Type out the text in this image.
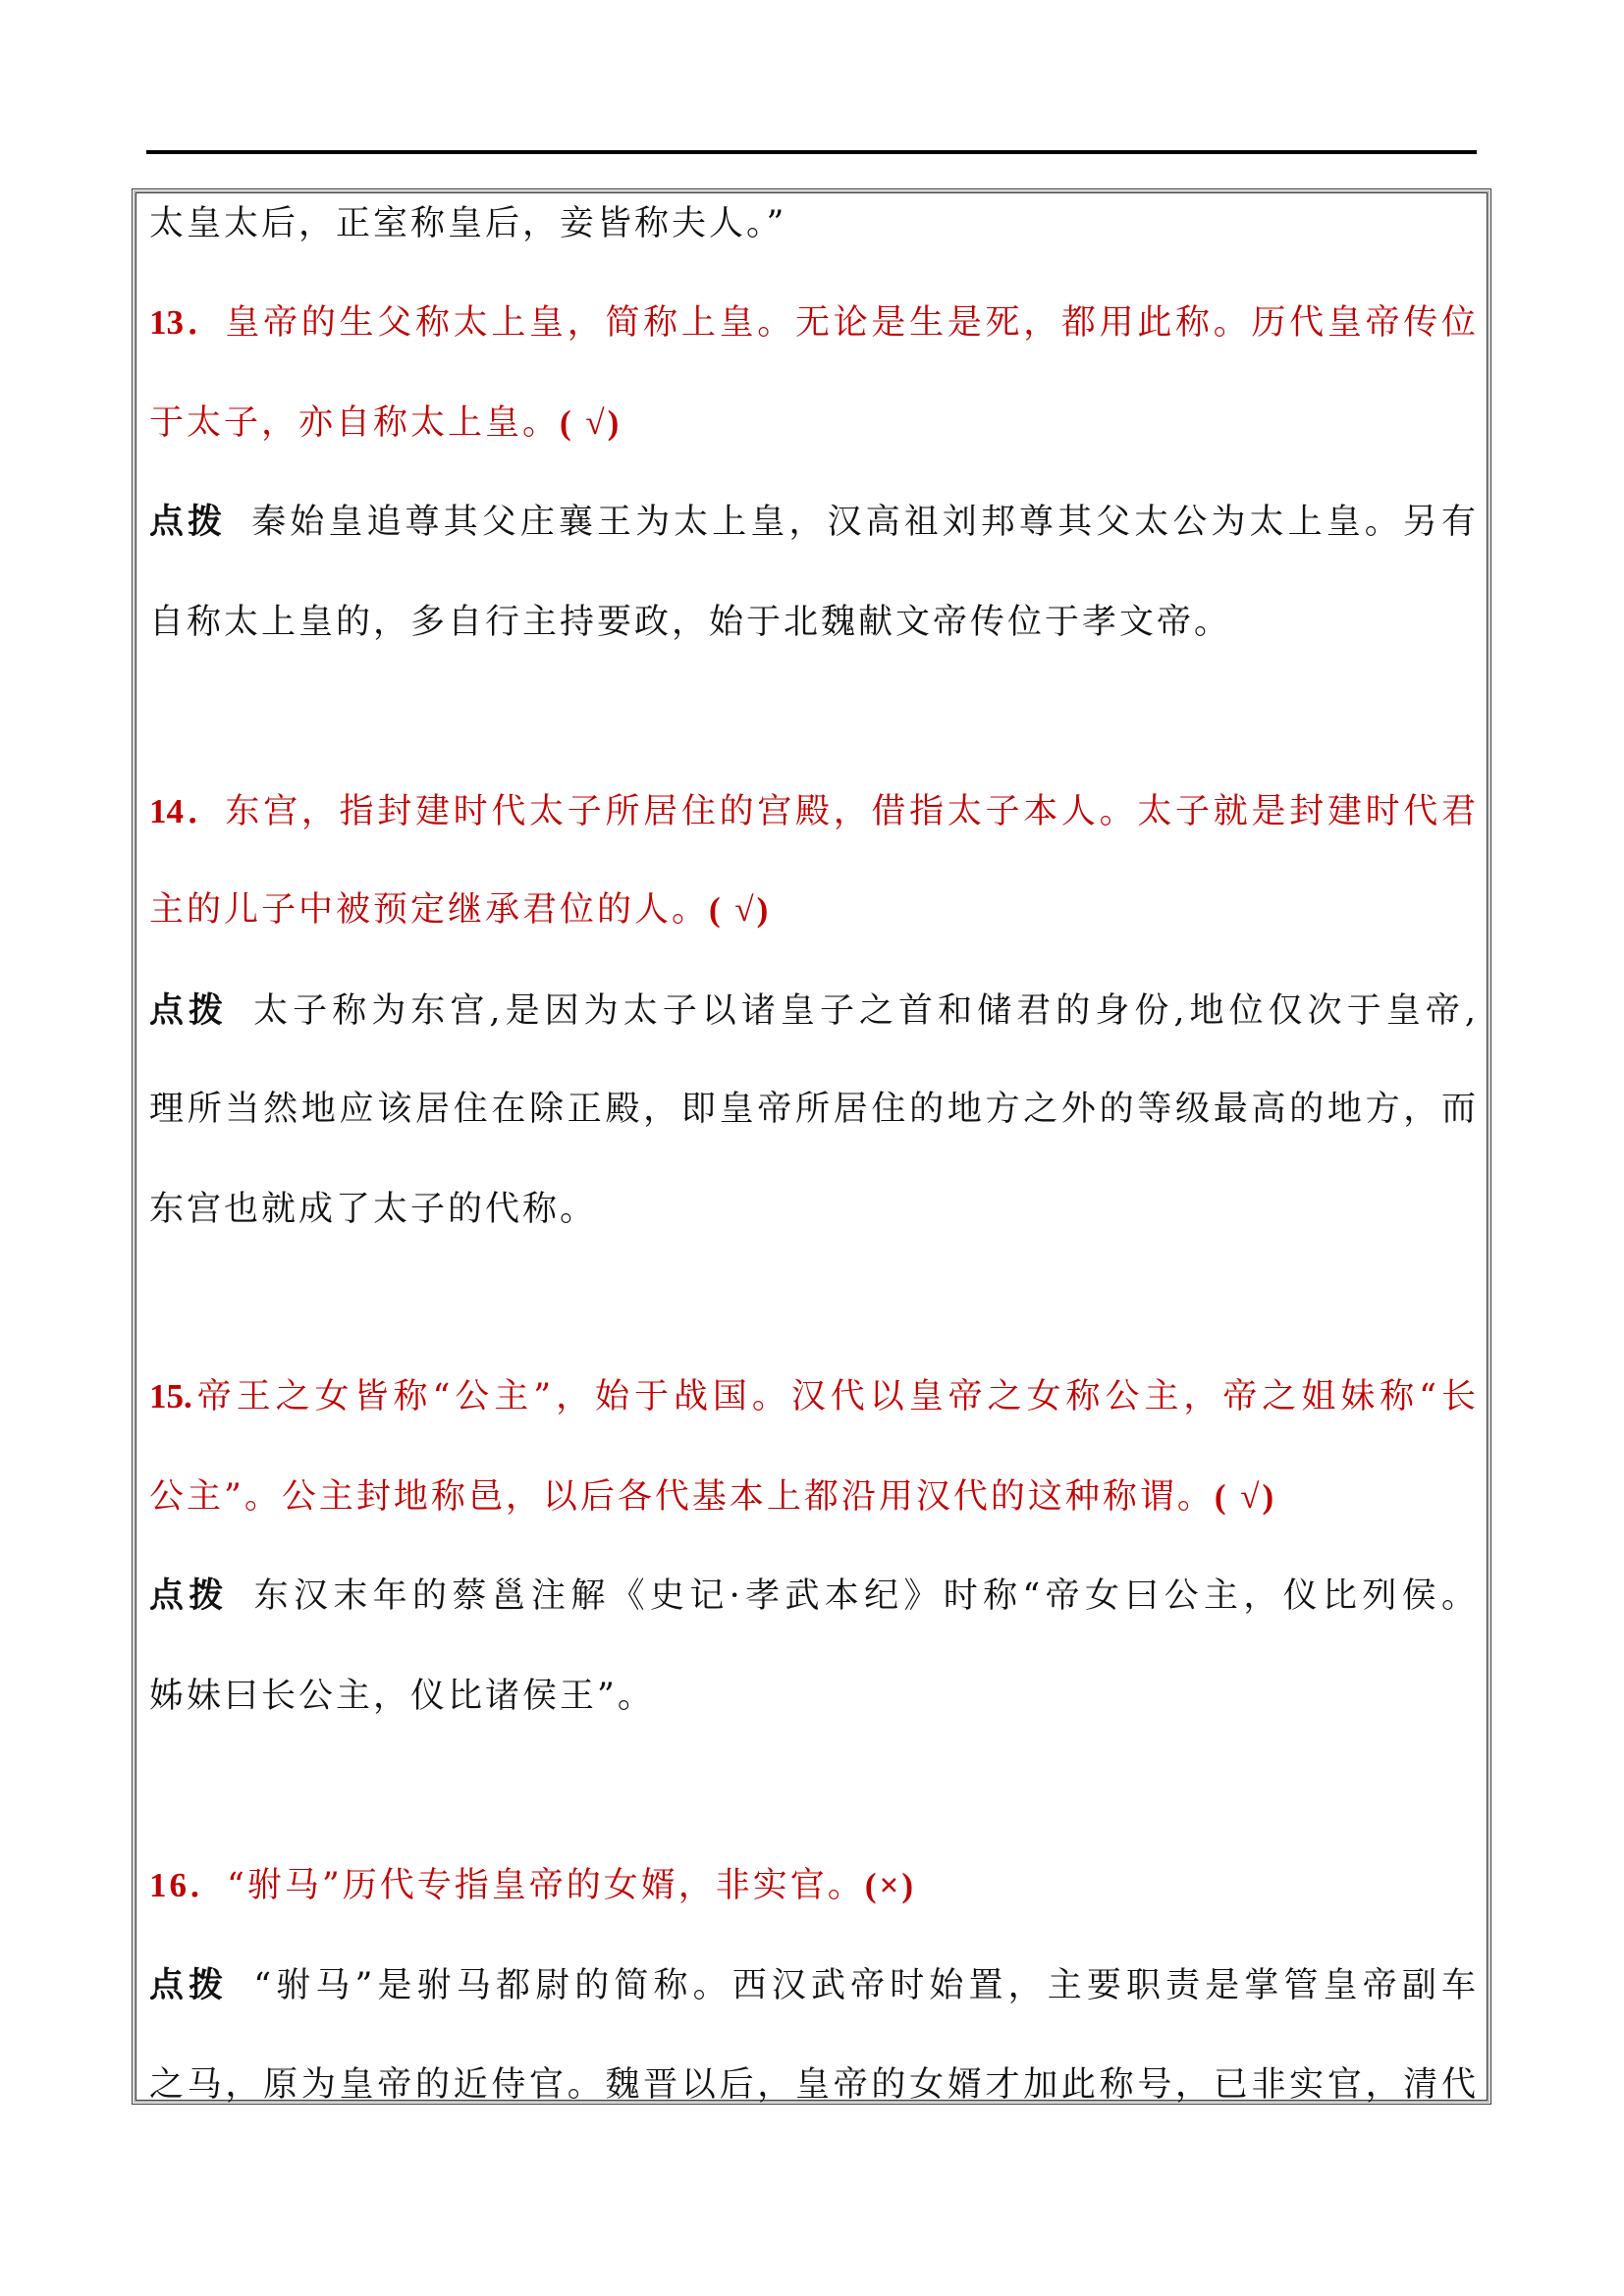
太皇太后，正室称皇后，妾皆称夫人。”
13．皇帝的生父称太上皇，简称上皇。无论是生是死，都用此称。历代皇帝传位
于太子，亦自称太上皇。( √)
点拨 秦始皇追尊其父庄襄王为太上皇，汉高祖刘邦尊其父太公为太上皇。另有
自称太上皇的，多自行主持要政，始于北魏献文帝传位于孝文帝。
14．东宫，指封建时代太子所居住的宫殿，借指太子本人。太子就是封建时代君
主的儿子中被预定继承君位的人。( √)
点拨 太子称为东宫,是因为太子以诸皇子之首和储君的身份,地位仅次于皇帝,
理所当然地应该居住在除正殿，即皇帝所居住的地方之外的等级最高的地方，而
东宫也就成了太子的代称。
15.帝王之女皆称“公主”，始于战国。汉代以皇帝之女称公主，帝之姐妹称“长
公主”。公主封地称邑，以后各代基本上都沿用汉代的这种称谓。( √)
点拨 东汉末年的蔡邕注解《史记·孝武本纪》时称“帝女曰公主，仪比列侯。
姊妹曰长公主，仪比诸侯王”。
16．“驸马”历代专指皇帝的女婿，非实官。(×)
点拨 “驸马”是驸马都尉的简称。西汉武帝时始置，主要职责是掌管皇帝副车
之马，原为皇帝的近侍官。魏晋以后，皇帝的女婿才加此称号，已非实官，清代
